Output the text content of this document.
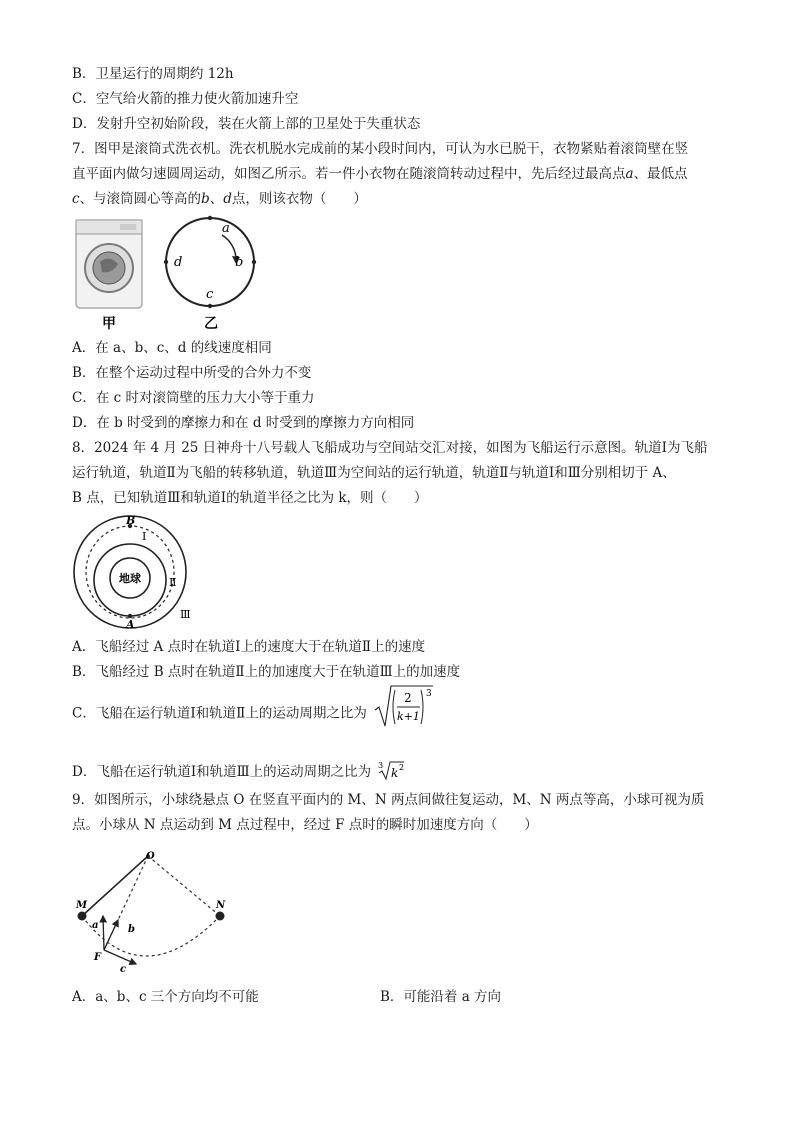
B．卫星运行的周期约 12h
C．空气给火箭的推力使火箭加速升空
D．发射升空初始阶段，装在火箭上部的卫星处于失重状态
7．图甲是滚筒式洗衣机。洗衣机脱水完成前的某小段时间内，可认为水已脱干，衣物紧贴着滚筒壁在竖
直平面内做匀速圆周运动，如图乙所示。若一件小衣物在随滚筒转动过程中，先后经过最高点a、最低点
c、与滚筒圆心等高的b、d点，则该衣物（　　）
甲
a
b
c
d
乙
A．在 a、b、c、d 的线速度相同
B．在整个运动过程中所受的合外力不变
C．在 c 时对滚筒壁的压力大小等于重力
D．在 b 时受到的摩擦力和在 d 时受到的摩擦力方向相同
8．2024 年 4 月 25 日神舟十八号载人飞船成功与空间站交汇对接，如图为飞船运行示意图。轨道Ⅰ为飞船
运行轨道，轨道Ⅱ为飞船的转移轨道，轨道Ⅲ为空间站的运行轨道，轨道Ⅱ与轨道Ⅰ和Ⅲ分别相切于 A、
B 点，已知轨道Ⅲ和轨道Ⅰ的轨道半径之比为 k，则（　　）
地球
B
A
Ⅰ
Ⅱ
Ⅲ
A．飞船经过 A 点时在轨道Ⅰ上的速度大于在轨道Ⅱ上的速度
B．飞船经过 B 点时在轨道Ⅱ上的加速度大于在轨道Ⅲ上的加速度
C．飞船在运行轨道Ⅰ和轨道Ⅱ上的运动周期之比为
2
k+1
3
D．飞船在运行轨道Ⅰ和轨道Ⅲ上的运动周期之比为 3
k 2
9．如图所示，小球绕悬点 O 在竖直平面内的 M、N 两点间做往复运动，M、N 两点等高，小球可视为质
点。小球从 N 点运动到 M 点过程中，经过 F 点时的瞬时加速度方向（　　）
O
M	N
F
a	b
c
A．a、b、c 三个方向均不可能	B．可能沿着 a 方向
